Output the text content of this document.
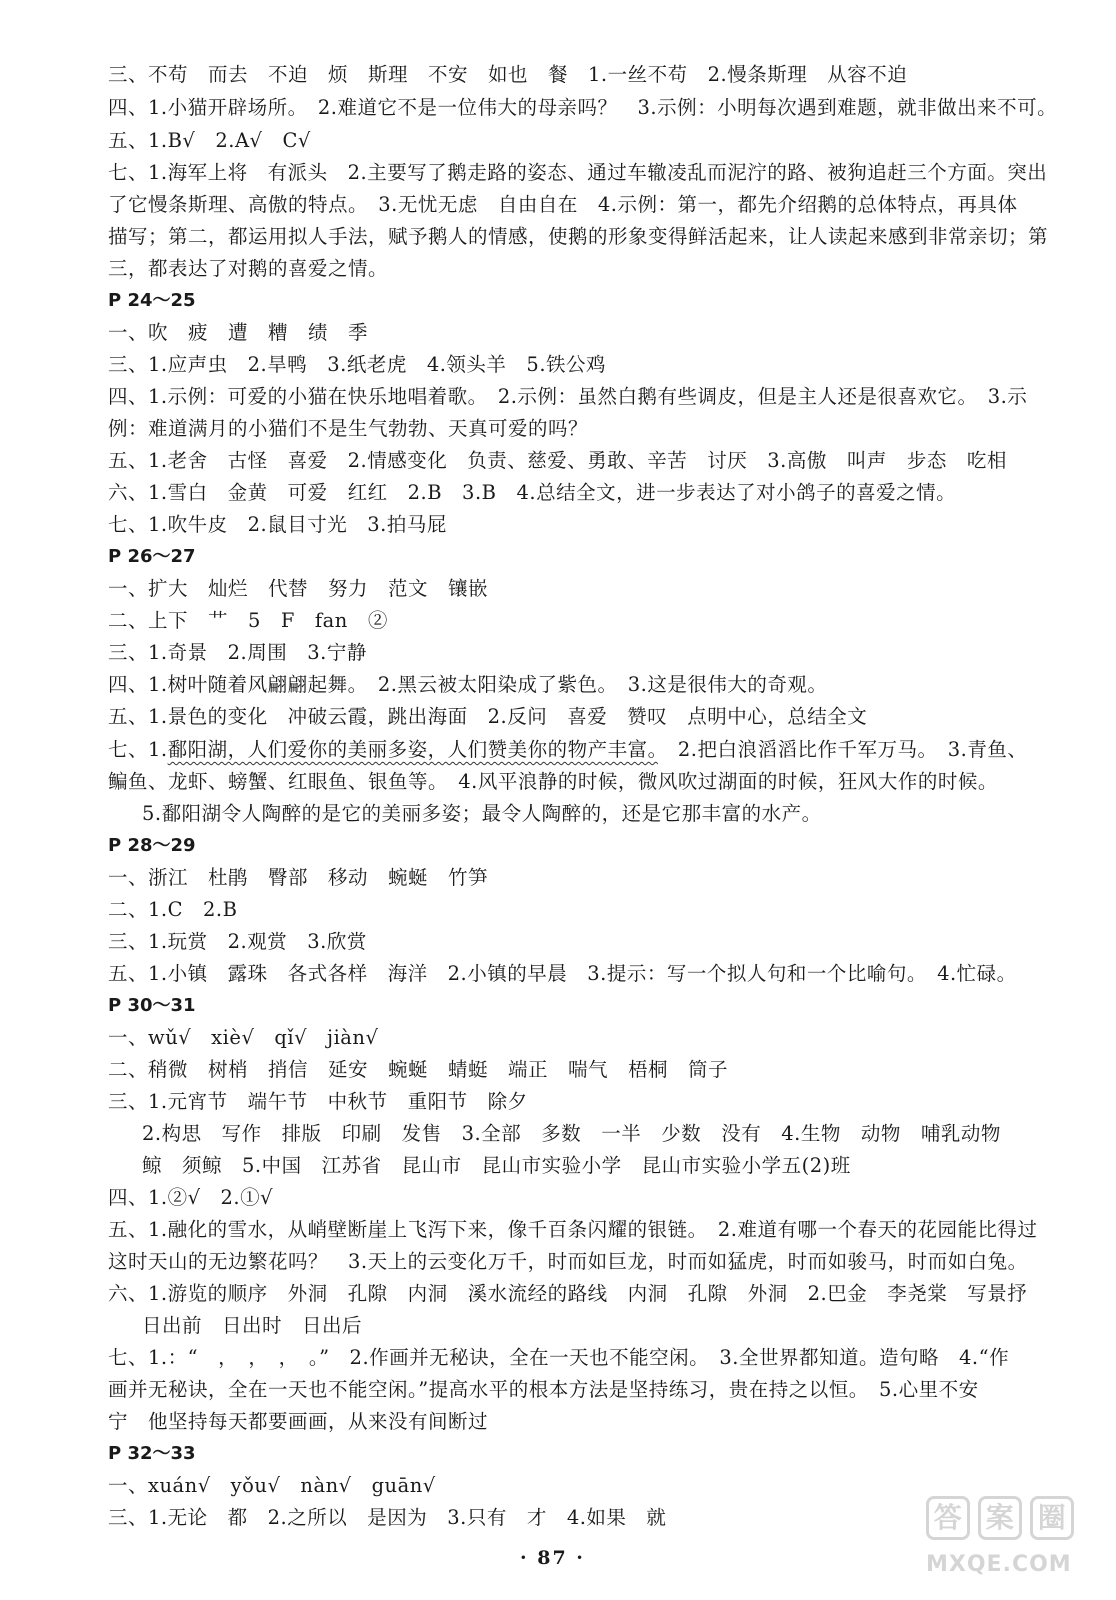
三、不苟　而去　不迫　烦　斯理　不安　如也　餐　1.一丝不苟　2.慢条斯理　从容不迫
四、1.小猫开辟场所。　2.难道它不是一位伟大的母亲吗？　3.示例：小明每次遇到难题，就非做出来不可。
五、1.B√　2.A√　C√
七、1.海军上将　有派头　2.主要写了鹅走路的姿态、通过车辙凌乱而泥泞的路、被狗追赶三个方面。突出
了它慢条斯理、高傲的特点。　3.无忧无虑　自由自在　4.示例：第一，都先介绍鹅的总体特点，再具体
描写；第二，都运用拟人手法，赋予鹅人的情感，使鹅的形象变得鲜活起来，让人读起来感到非常亲切；第
三，都表达了对鹅的喜爱之情。
P 24～25
一、吹　疲　遭　糟　绩　季
三、1.应声虫　2.旱鸭　3.纸老虎　4.领头羊　5.铁公鸡
四、1.示例：可爱的小猫在快乐地唱着歌。　2.示例：虽然白鹅有些调皮，但是主人还是很喜欢它。　3.示
例：难道满月的小猫们不是生气勃勃、天真可爱的吗？
五、1.老舍　古怪　喜爱　2.情感变化　负责、慈爱、勇敢、辛苦　讨厌　3.高傲　叫声　步态　吃相
六、1.雪白　金黄　可爱　红红　2.B　3.B　4.总结全文，进一步表达了对小鸽子的喜爱之情。
七、1.吹牛皮　2.鼠目寸光　3.拍马屁
P 26～27
一、扩大　灿烂　代替　努力　范文　镶嵌
二、上下　艹　5　F　fan　②
三、1.奇景　2.周围　3.宁静
四、1.树叶随着风翩翩起舞。　2.黑云被太阳染成了紫色。　3.这是很伟大的奇观。
五、1.景色的变化　冲破云霞，跳出海面　2.反问　喜爱　赞叹　点明中心，总结全文
七、1.鄱阳湖，人们爱你的美丽多姿，人们赞美你的物产丰富。　2.把白浪滔滔比作千军万马。　3.青鱼、
鳊鱼、龙虾、螃蟹、红眼鱼、银鱼等。　4.风平浪静的时候，微风吹过湖面的时候，狂风大作的时候。
5.鄱阳湖令人陶醉的是它的美丽多姿；最令人陶醉的，还是它那丰富的水产。
P 28～29
一、浙江　杜鹃　臀部　移动　蜿蜒　竹笋
二、1.C　2.B
三、1.玩赏　2.观赏　3.欣赏
五、1.小镇　露珠　各式各样　海洋　2.小镇的早晨　3.提示：写一个拟人句和一个比喻句。　4.忙碌。
P 30～31
一、wǔ√　xiè√　qǐ√　jiàn√
二、稍微　树梢　捎信　延安　蜿蜒　蜻蜓　端正　喘气　梧桐　筒子
三、1.元宵节　端午节　中秋节　重阳节　除夕
2.构思　写作　排版　印刷　发售　3.全部　多数　一半　少数　没有　4.生物　动物　哺乳动物
鲸　须鲸　5.中国　江苏省　昆山市　昆山市实验小学　昆山市实验小学五(2)班
四、1.②√　2.①√
五、1.融化的雪水，从峭壁断崖上飞泻下来，像千百条闪耀的银链。　2.难道有哪一个春天的花园能比得过
这时天山的无边繁花吗？　3.天上的云变化万千，时而如巨龙，时而如猛虎，时而如骏马，时而如白兔。
六、1.游览的顺序　外洞　孔隙　内洞　溪水流经的路线　内洞　孔隙　外洞　2.巴金　李尧棠　写景抒
日出前　日出时　日出后
七、1.：“　，　，　，　。”　2.作画并无秘诀，全在一天也不能空闲。　3.全世界都知道。造句略　4.“作
画并无秘诀，全在一天也不能空闲。”提高水平的根本方法是坚持练习，贵在持之以恒。　5.心里不安
宁　他坚持每天都要画画，从来没有间断过
P 32～33
一、xuán√　yǒu√　nàn√　guān√
三、1.无论　都　2.之所以　是因为　3.只有　才　4.如果　就
· 87 ·
答 案 圈
MXQE.COM
